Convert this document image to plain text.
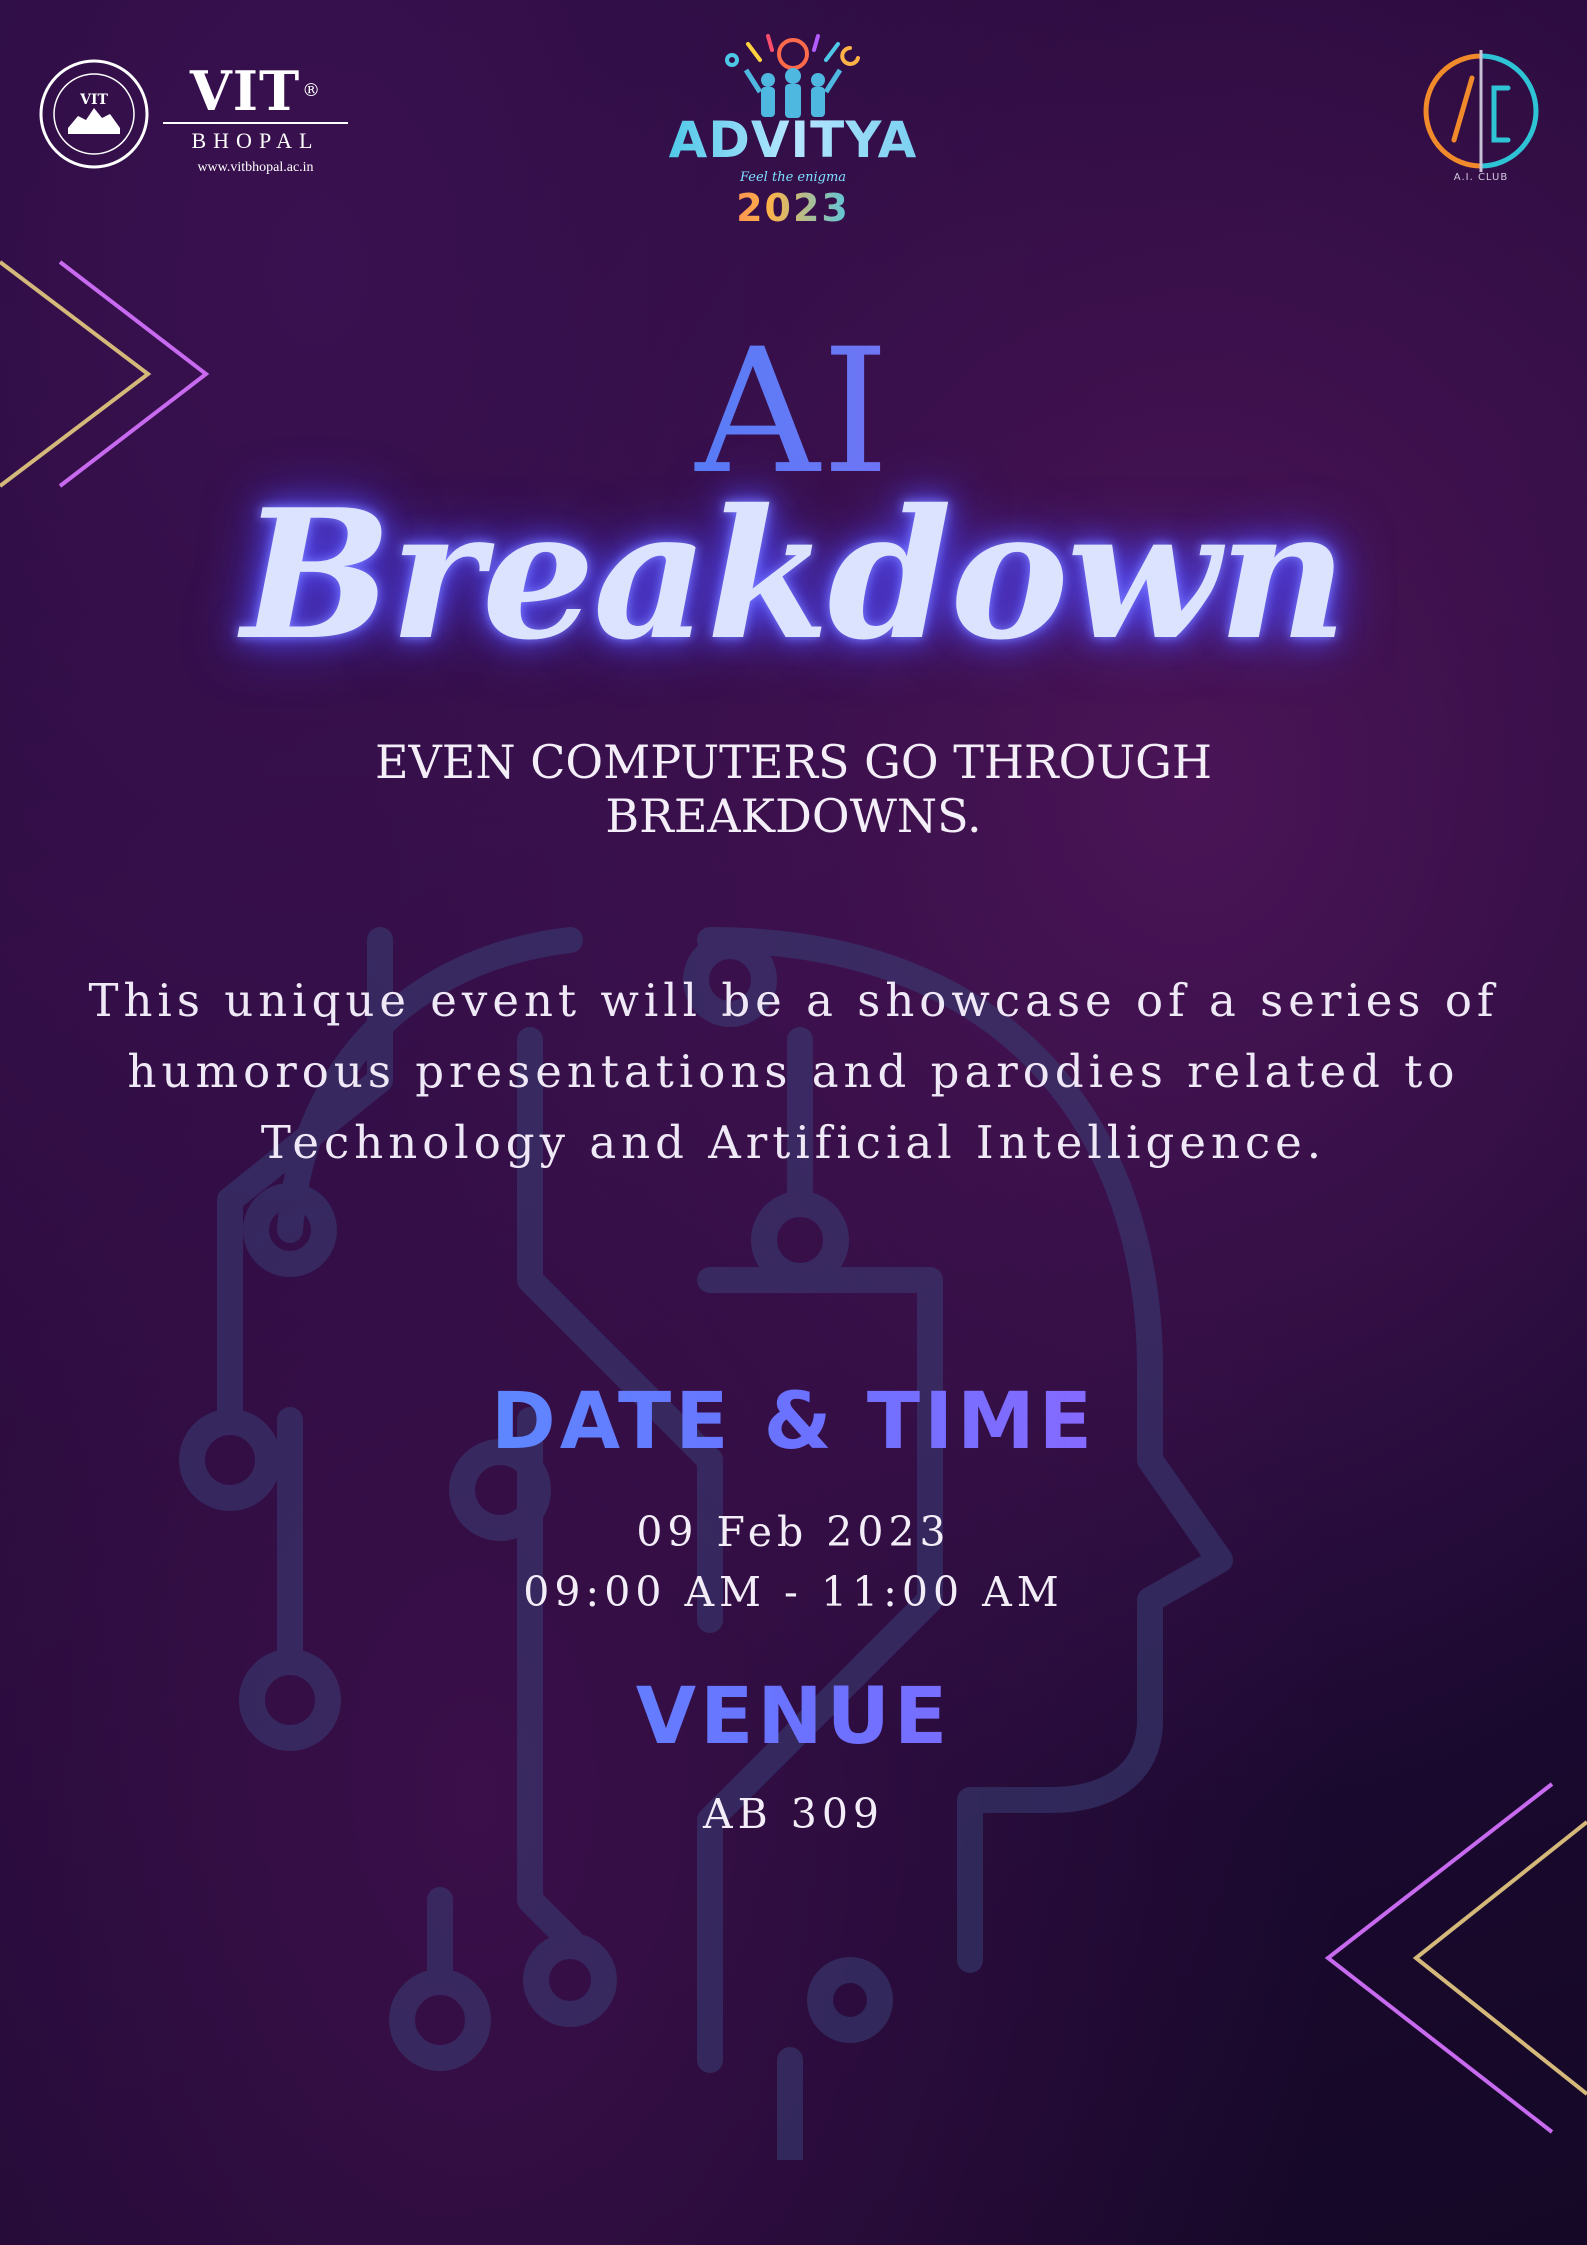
VIT	VIT ®
BHOPAL
www.vitbhopal.ac.in	ADVITYA
Feel the enigma
2023
A.I. CLUB
AI
Breakdown
EVEN COMPUTERS GO THROUGH
BREAKDOWNS.
This unique event will be a showcase of a series of humorous presentations and parodies related to Technology and Artificial Intelligence.
DATE & TIME
09 Feb 2023
09:00 AM - 11:00 AM
VENUE
AB 309
